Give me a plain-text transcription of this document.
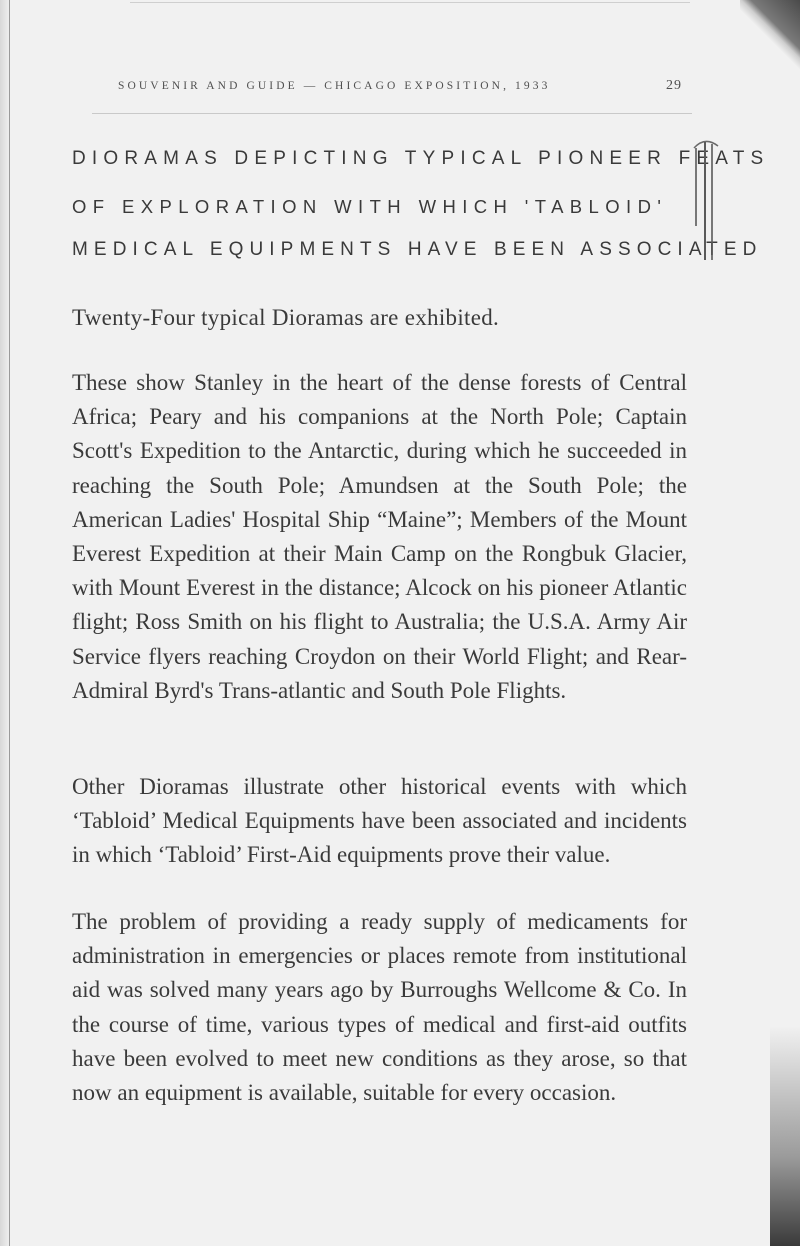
SOUVENIR AND GUIDE — CHICAGO EXPOSITION, 1933	29
DIORAMAS DEPICTING TYPICAL PIONEER FEATS
OF EXPLORATION WITH WHICH 'TABLOID'
MEDICAL EQUIPMENTS HAVE BEEN ASSOCIATED
Twenty-Four typical Dioramas are exhibited.
These show Stanley in the heart of the dense forests of Central Africa; Peary and his companions at the North Pole; Captain Scott's Expedition to the Antarctic, during which he succeeded in reaching the South Pole; Amundsen at the South Pole; the American Ladies' Hospital Ship “Maine”; Members of the Mount Everest Expedition at their Main Camp on the Rongbuk Glacier, with Mount Everest in the distance; Alcock on his pioneer Atlantic flight; Ross Smith on his flight to Australia; the U.S.A. Army Air Service flyers reaching Croydon on their World Flight; and Rear-Admiral Byrd's Trans-atlantic and South Pole Flights.
Other Dioramas illustrate other historical events with which ‘Tabloid’ Medical Equipments have been associated and incidents in which ‘Tabloid’ First-Aid equipments prove their value.
The problem of providing a ready supply of medicaments for administration in emergencies or places remote from institutional aid was solved many years ago by Burroughs Wellcome & Co. In the course of time, various types of medical and first-aid outfits have been evolved to meet new conditions as they arose, so that now an equipment is available, suitable for every occasion.
